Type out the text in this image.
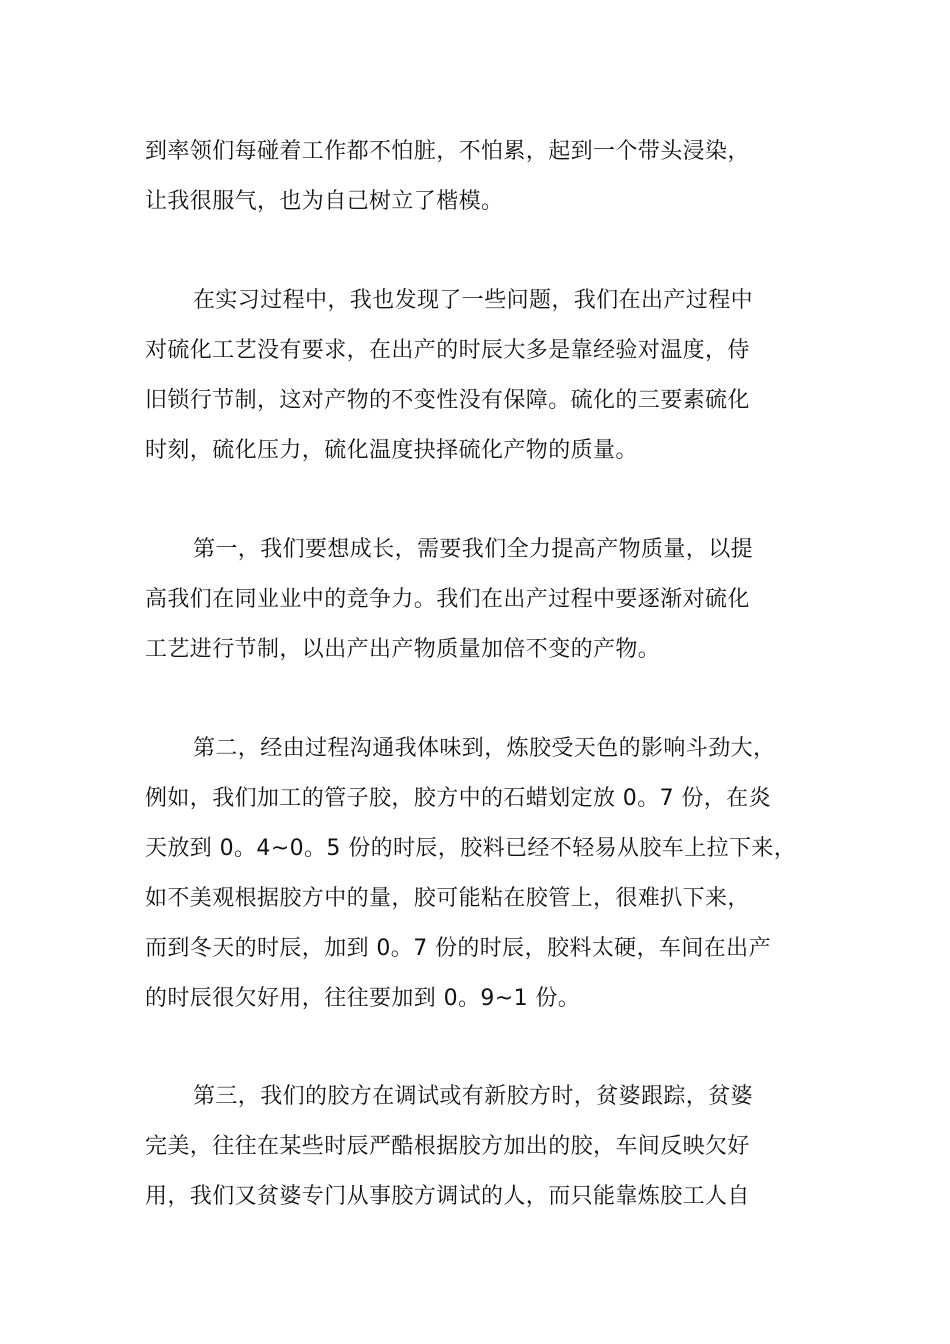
到率领们每碰着工作都不怕脏，不怕累，起到一个带头浸染，
让我很服气，也为自己树立了楷模。
在实习过程中，我也发现了一些问题，我们在出产过程中
对硫化工艺没有要求，在出产的时辰大多是靠经验对温度，侍
旧锁行节制，这对产物的不变性没有保障。硫化的三要素硫化
时刻，硫化压力，硫化温度抉择硫化产物的质量。
第一，我们要想成长，需要我们全力提高产物质量，以提
高我们在同业业中的竞争力。我们在出产过程中要逐渐对硫化
工艺进行节制，以出产出产物质量加倍不变的产物。
第二，经由过程沟通我体味到，炼胶受天色的影响斗劲大，
例如，我们加工的管子胶，胶方中的石蜡划定放 0。7 份，在炎
天放到 0。4~0。5 份的时辰，胶料已经不轻易从胶车上拉下来，
如不美观根据胶方中的量，胶可能粘在胶管上，很难扒下来，
而到冬天的时辰，加到 0。7 份的时辰，胶料太硬，车间在出产
的时辰很欠好用，往往要加到 0。9~1 份。
第三，我们的胶方在调试或有新胶方时，贫婆跟踪，贫婆
完美，往往在某些时辰严酷根据胶方加出的胶，车间反映欠好
用，我们又贫婆专门从事胶方调试的人，而只能靠炼胶工人自
